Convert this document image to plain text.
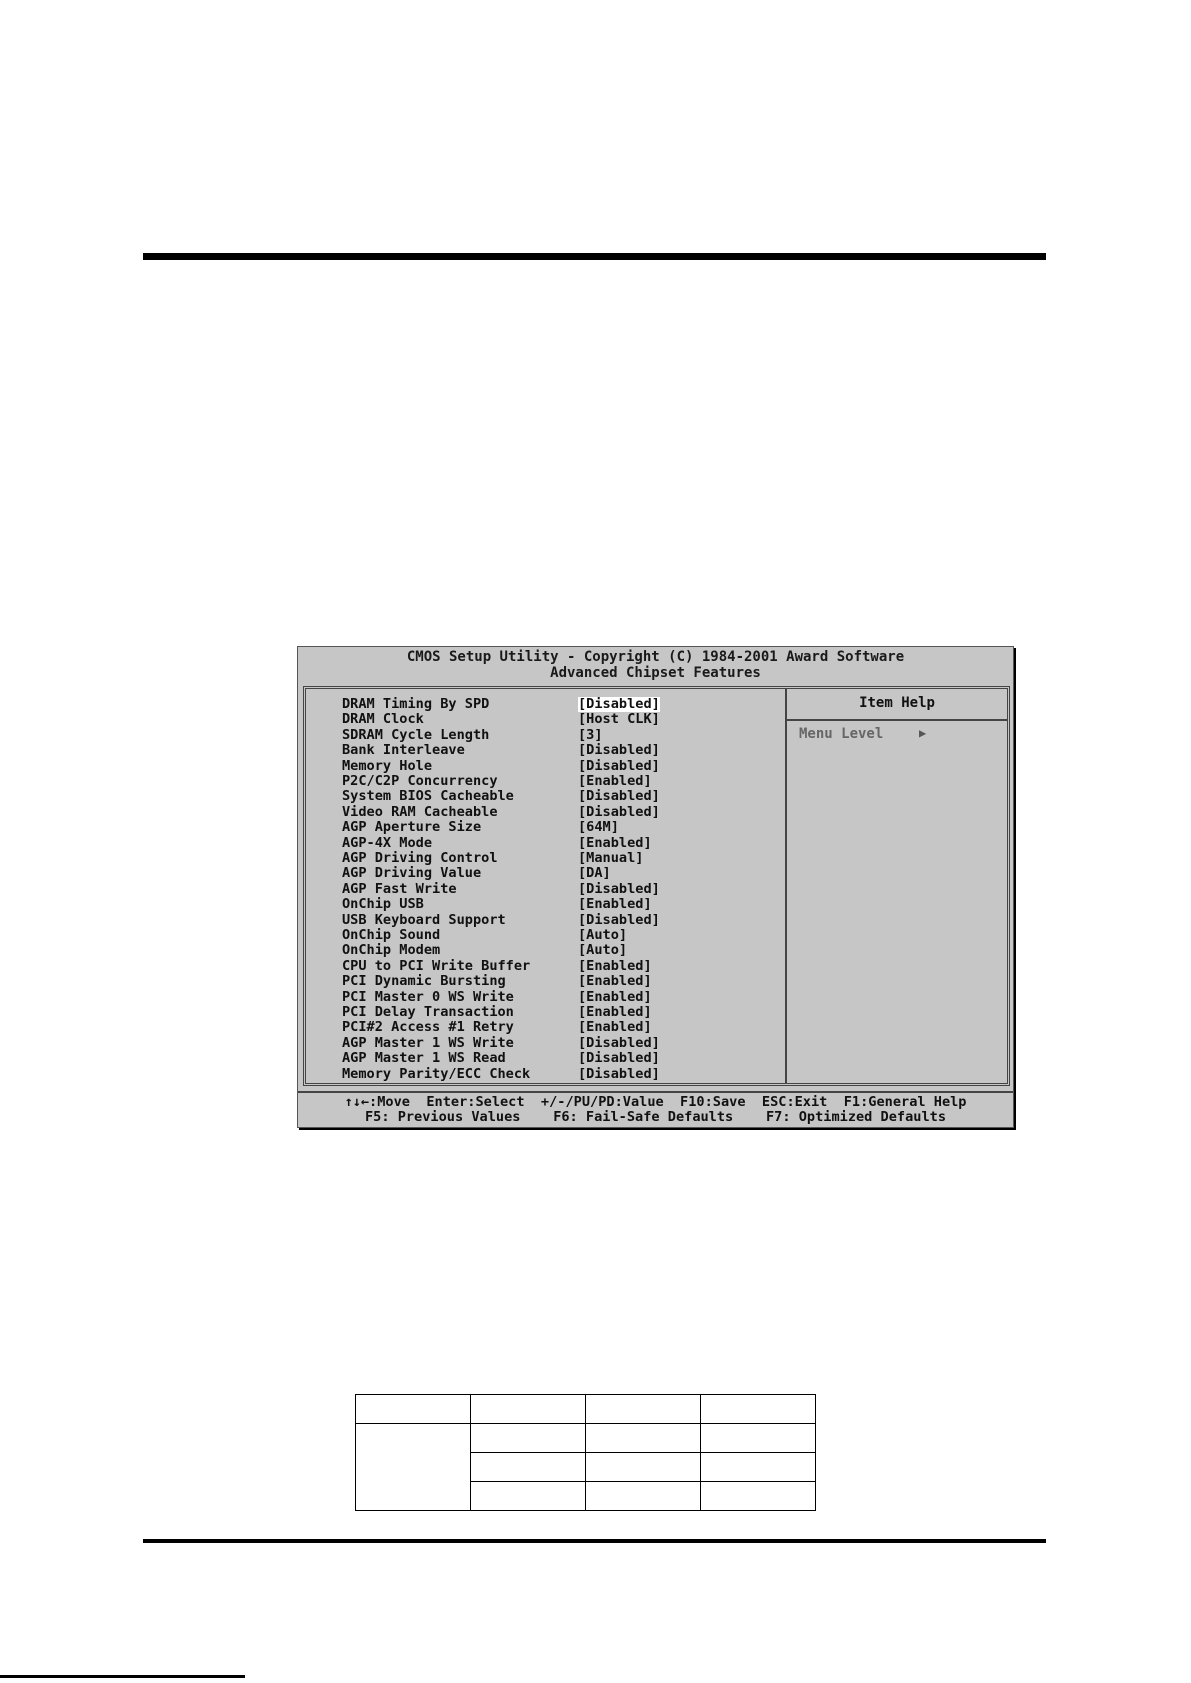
CMOS Setup Utility - Copyright (C) 1984-2001 Award Software
Advanced Chipset Features
DRAM Timing By SPD	[Disabled]
DRAM Clock	[Host CLK]
SDRAM Cycle Length	[3]
Bank Interleave	[Disabled]
Memory Hole	[Disabled]
P2C/C2P Concurrency	[Enabled]
System BIOS Cacheable	[Disabled]
Video RAM Cacheable	[Disabled]
AGP Aperture Size	[64M]
AGP-4X Mode	[Enabled]
AGP Driving Control	[Manual]
AGP Driving Value	[DA]
AGP Fast Write	[Disabled]
OnChip USB	[Enabled]
USB Keyboard Support	[Disabled]
OnChip Sound	[Auto]
OnChip Modem	[Auto]
CPU to PCI Write Buffer	[Enabled]
PCI Dynamic Bursting	[Enabled]
PCI Master 0 WS Write	[Enabled]
PCI Delay Transaction	[Enabled]
PCI#2 Access #1 Retry	[Enabled]
AGP Master 1 WS Write	[Disabled]
AGP Master 1 WS Read	[Disabled]
Memory Parity/ECC Check	[Disabled]
Item Help
Menu Level	▶
↑↓←:Move  Enter:Select  +/-/PU/PD:Value  F10:Save  ESC:Exit  F1:General Help
F5: Previous Values    F6: Fail-Safe Defaults    F7: Optimized Defaults
